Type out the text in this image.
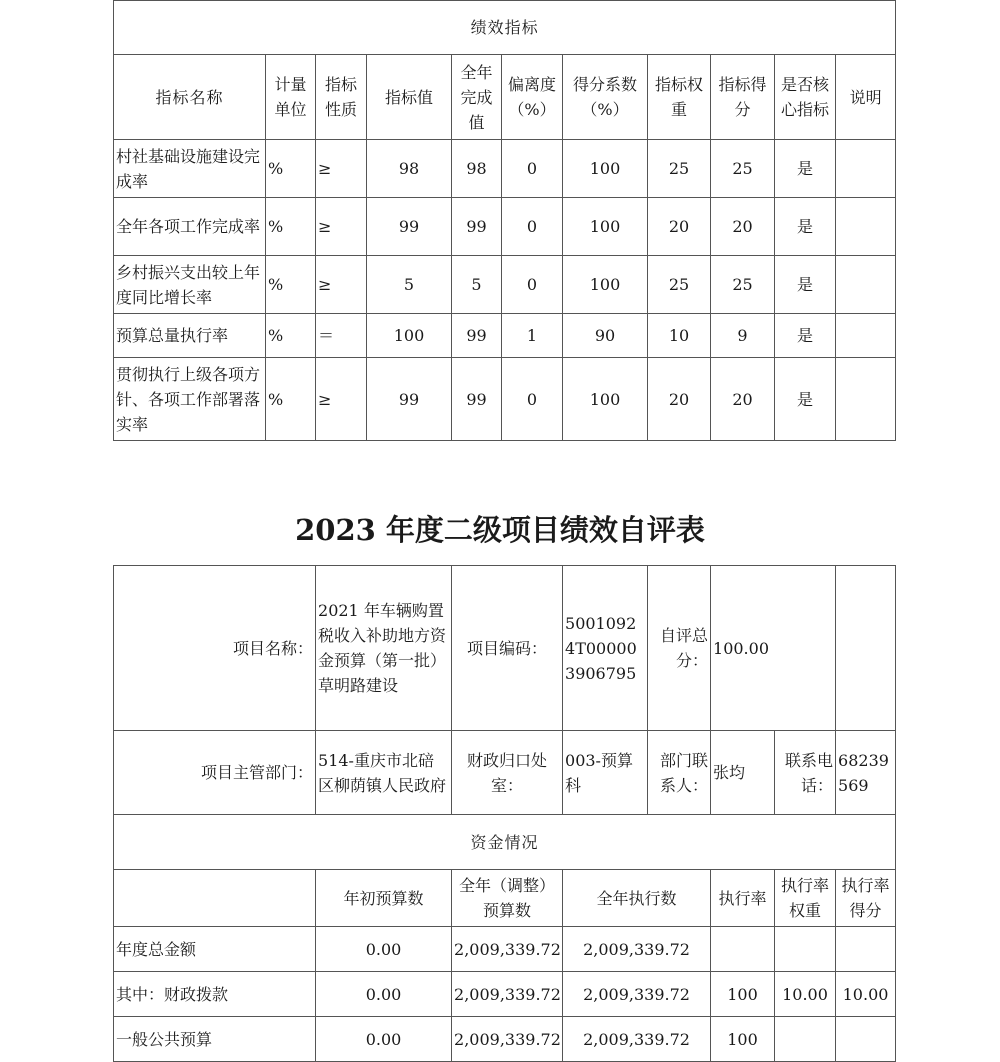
绩效指标										
指标名称	计量单位	指标性质	指标值	全年完成值	偏离度（%）	得分系数（%）	指标权重	指标得分	是否核心指标	说明
村社基础设施建设完成率	%	≥	98	98	0	100	25	25	是	
全年各项工作完成率	%	≥	99	99	0	100	20	20	是	
乡村振兴支出较上年度同比增长率	%	≥	5	5	0	100	25	25	是	
预算总量执行率	%	＝	100	99	1	90	10	9	是	
贯彻执行上级各项方针、各项工作部署落实率	%	≥	99	99	0	100	20	20	是	
2023 年度二级项目绩效自评表
项目名称：	2021 年车辆购置税收入补助地方资金预算（第一批）草明路建设	项目编码：	50010924T000003906795	自评总分：	100.00		
项目主管部门：	514-重庆市北碚区柳荫镇人民政府	财政归口处室：	003-预算科	部门联系人：	张均	联系电话：	68239569
资金情况							
	年初预算数	全年（调整）预算数	全年执行数		执行率	执行率权重	执行率得分
年度总金额	0.00	2,009,339.72	2,009,339.72				
其中：财政拨款	0.00	2,009,339.72	2,009,339.72		100	10.00	10.00
一般公共预算	0.00	2,009,339.72	2,009,339.72		100		
